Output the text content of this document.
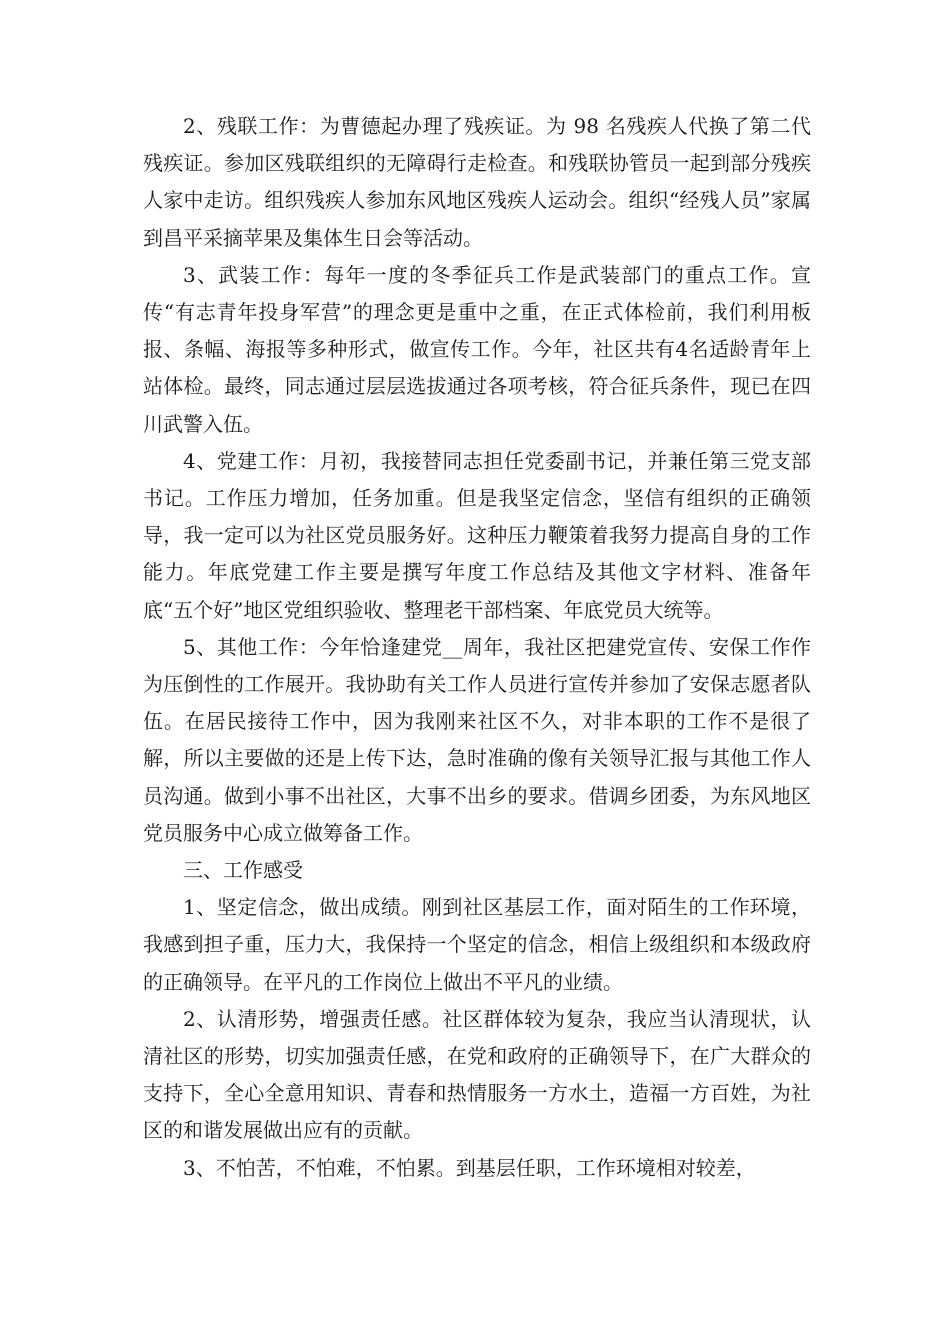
2、残联工作：为曹德起办理了残疾证。为 98 名残疾人代换了第二代残疾证。参加区残联组织的无障碍行走检查。和残联协管员一起到部分残疾人家中走访。组织残疾人参加东风地区残疾人运动会。组织“经残人员”家属到昌平采摘苹果及集体生日会等活动。

3、武装工作：每年一度的冬季征兵工作是武装部门的重点工作。宣传“有志青年投身军营”的理念更是重中之重，在正式体检前，我们利用板报、条幅、海报等多种形式，做宣传工作。今年，社区共有4名适龄青年上站体检。最终，同志通过层层选拔通过各项考核，符合征兵条件，现已在四川武警入伍。

4、党建工作：月初，我接替同志担任党委副书记，并兼任第三党支部书记。工作压力增加，任务加重。但是我坚定信念，坚信有组织的正确领导，我一定可以为社区党员服务好。这种压力鞭策着我努力提高自身的工作能力。年底党建工作主要是撰写年度工作总结及其他文字材料、准备年底“五个好”地区党组织验收、整理老干部档案、年底党员大统等。

5、其他工作：今年恰逢建党__周年，我社区把建党宣传、安保工作作为压倒性的工作展开。我协助有关工作人员进行宣传并参加了安保志愿者队伍。在居民接待工作中，因为我刚来社区不久，对非本职的工作不是很了解，所以主要做的还是上传下达，急时准确的像有关领导汇报与其他工作人员沟通。做到小事不出社区，大事不出乡的要求。借调乡团委，为东风地区党员服务中心成立做筹备工作。

三、工作感受

1、坚定信念，做出成绩。刚到社区基层工作，面对陌生的工作环境，我感到担子重，压力大，我保持一个坚定的信念，相信上级组织和本级政府的正确领导。在平凡的工作岗位上做出不平凡的业绩。

2、认清形势，增强责任感。社区群体较为复杂，我应当认清现状，认清社区的形势，切实加强责任感，在党和政府的正确领导下，在广大群众的支持下，全心全意用知识、青春和热情服务一方水土，造福一方百姓，为社区的和谐发展做出应有的贡献。

3、不怕苦，不怕难，不怕累。到基层任职，工作环境相对较差，
